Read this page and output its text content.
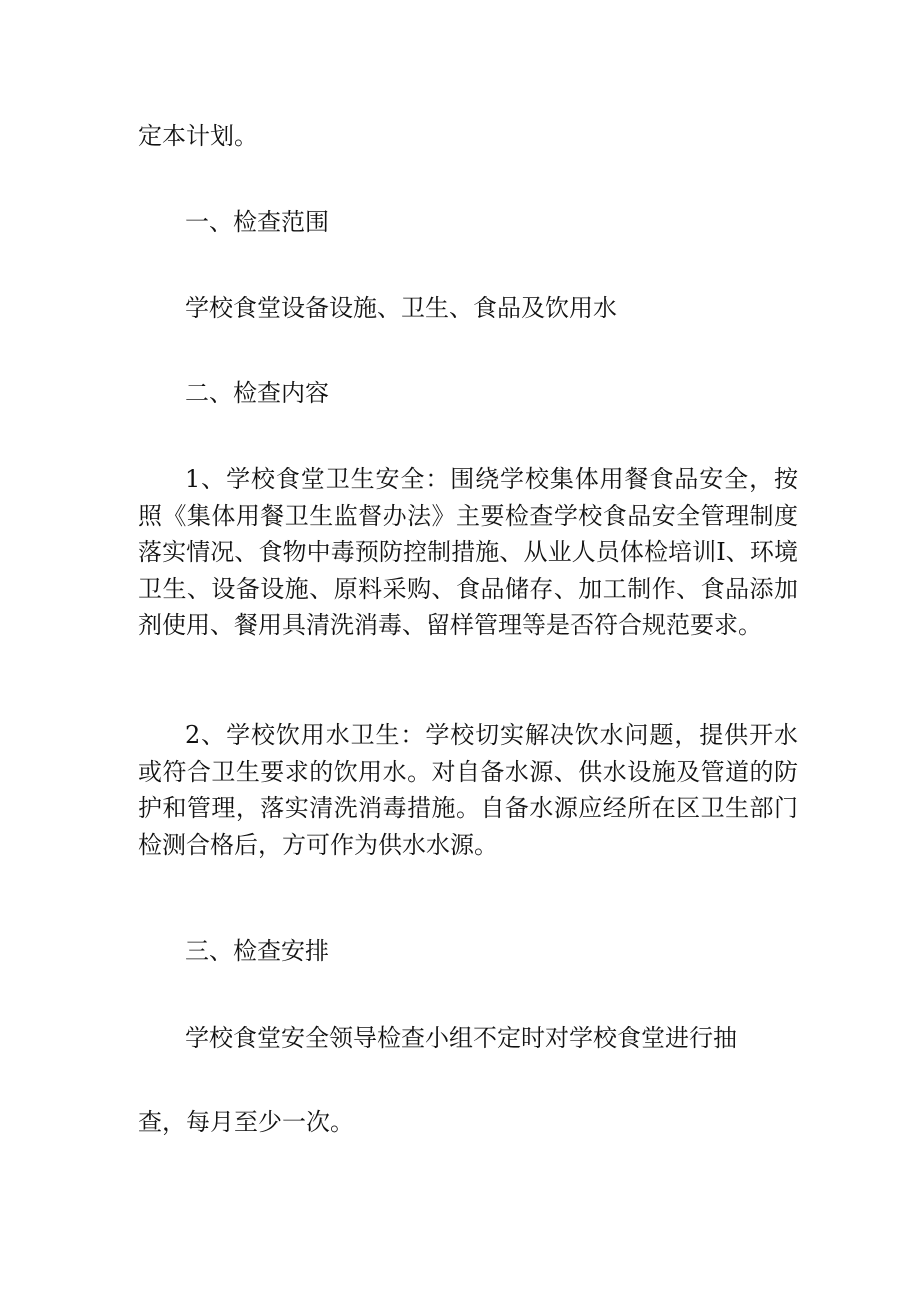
定本计划。
一、检查范围
学校食堂设备设施、卫生、食品及饮用水
二、检查内容
1、学校食堂卫生安全：围绕学校集体用餐食品安全，按照《集体用餐卫生监督办法》主要检查学校食品安全管理制度落实情况、食物中毒预防控制措施、从业人员体检培训I、环境卫生、设备设施、原料采购、食品储存、加工制作、食品添加剂使用、餐用具清洗消毒、留样管理等是否符合规范要求。
2、学校饮用水卫生：学校切实解决饮水问题，提供开水或符合卫生要求的饮用水。对自备水源、供水设施及管道的防护和管理，落实清洗消毒措施。自备水源应经所在区卫生部门检测合格后，方可作为供水水源。
三、检查安排
学校食堂安全领导检查小组不定时对学校食堂进行抽
查，每月至少一次。
